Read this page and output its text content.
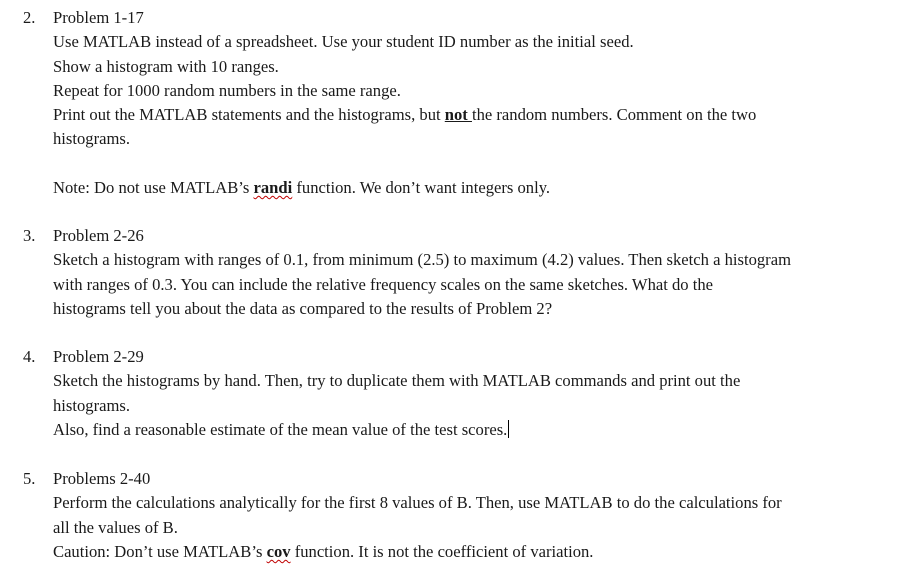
2. Problem 1-17
Use MATLAB instead of a spreadsheet. Use your student ID number as the initial seed.
Show a histogram with 10 ranges.
Repeat for 1000 random numbers in the same range.
Print out the MATLAB statements and the histograms, but not the random numbers. Comment on the two
histograms.
Note: Do not use MATLAB’s randi function. We don’t want integers only.
3. Problem 2-26
Sketch a histogram with ranges of 0.1, from minimum (2.5) to maximum (4.2) values. Then sketch a histogram
with ranges of 0.3. You can include the relative frequency scales on the same sketches. What do the
histograms tell you about the data as compared to the results of Problem 2?
4. Problem 2-29
Sketch the histograms by hand. Then, try to duplicate them with MATLAB commands and print out the
histograms.
Also, find a reasonable estimate of the mean value of the test scores.
5. Problems 2-40
Perform the calculations analytically for the first 8 values of B. Then, use MATLAB to do the calculations for
all the values of B.
Caution: Don’t use MATLAB’s cov function. It is not the coefficient of variation.
